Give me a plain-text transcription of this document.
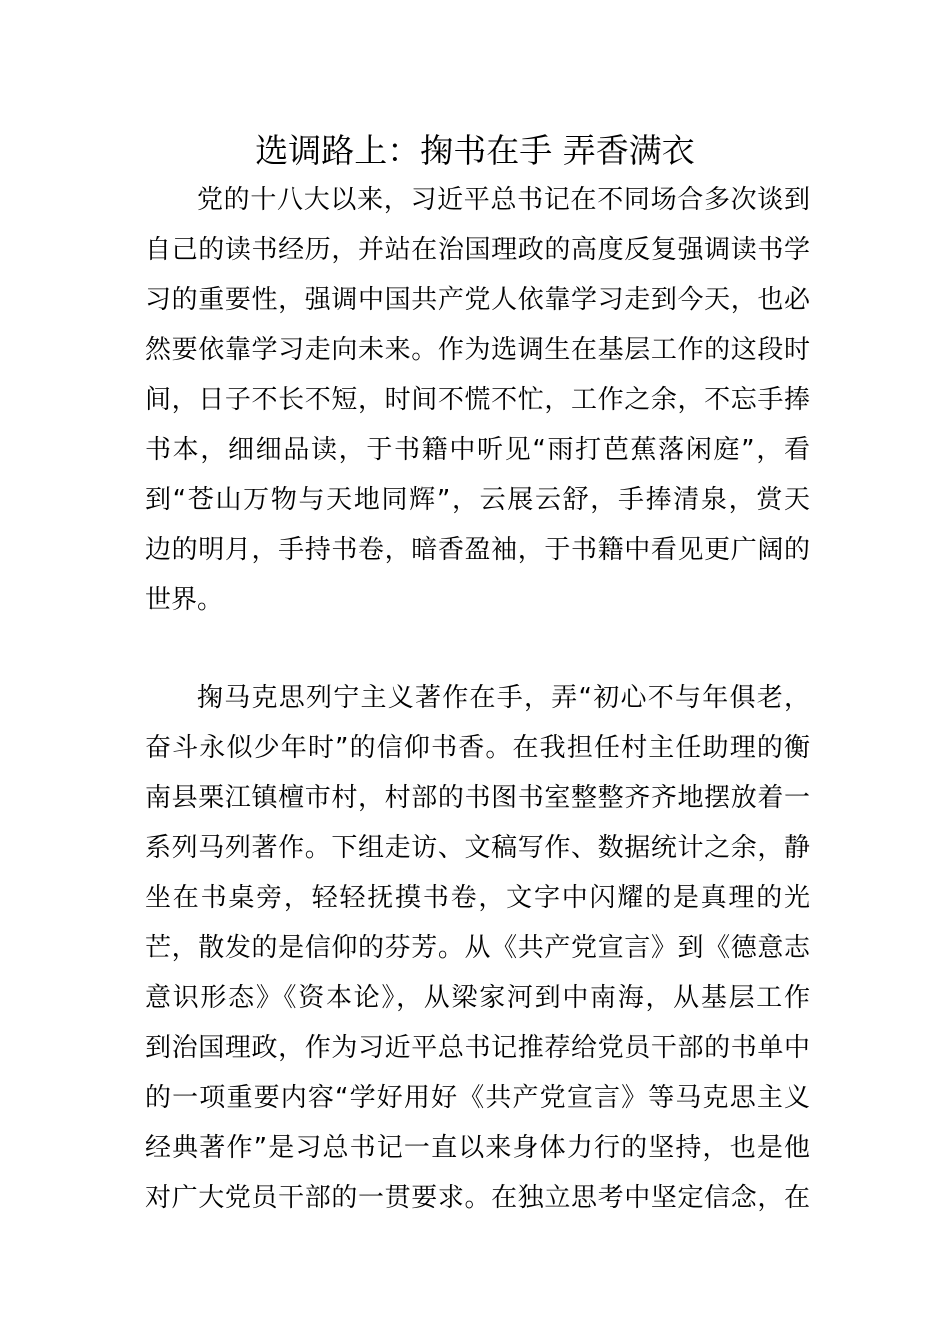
选调路上：掬书在手 弄香满衣
党的十八大以来，习近平总书记在不同场合多次谈到
自己的读书经历，并站在治国理政的高度反复强调读书学
习的重要性，强调中国共产党人依靠学习走到今天，也必
然要依靠学习走向未来。作为选调生在基层工作的这段时
间，日子不长不短，时间不慌不忙，工作之余，不忘手捧
书本，细细品读，于书籍中听见“雨打芭蕉落闲庭”，看
到“苍山万物与天地同辉”，云展云舒，手捧清泉，赏天
边的明月，手持书卷，暗香盈袖，于书籍中看见更广阔的
世界。
掬马克思列宁主义著作在手，弄“初心不与年俱老，
奋斗永似少年时”的信仰书香。在我担任村主任助理的衡
南县栗江镇檀市村，村部的书图书室整整齐齐地摆放着一
系列马列著作。下组走访、文稿写作、数据统计之余，静
坐在书桌旁，轻轻抚摸书卷，文字中闪耀的是真理的光
芒，散发的是信仰的芬芳。从《共产党宣言》到《德意志
意识形态》《资本论》，从梁家河到中南海，从基层工作
到治国理政，作为习近平总书记推荐给党员干部的书单中
的一项重要内容“学好用好《共产党宣言》等马克思主义
经典著作”是习总书记一直以来身体力行的坚持，也是他
对广大党员干部的一贯要求。在独立思考中坚定信念，在
